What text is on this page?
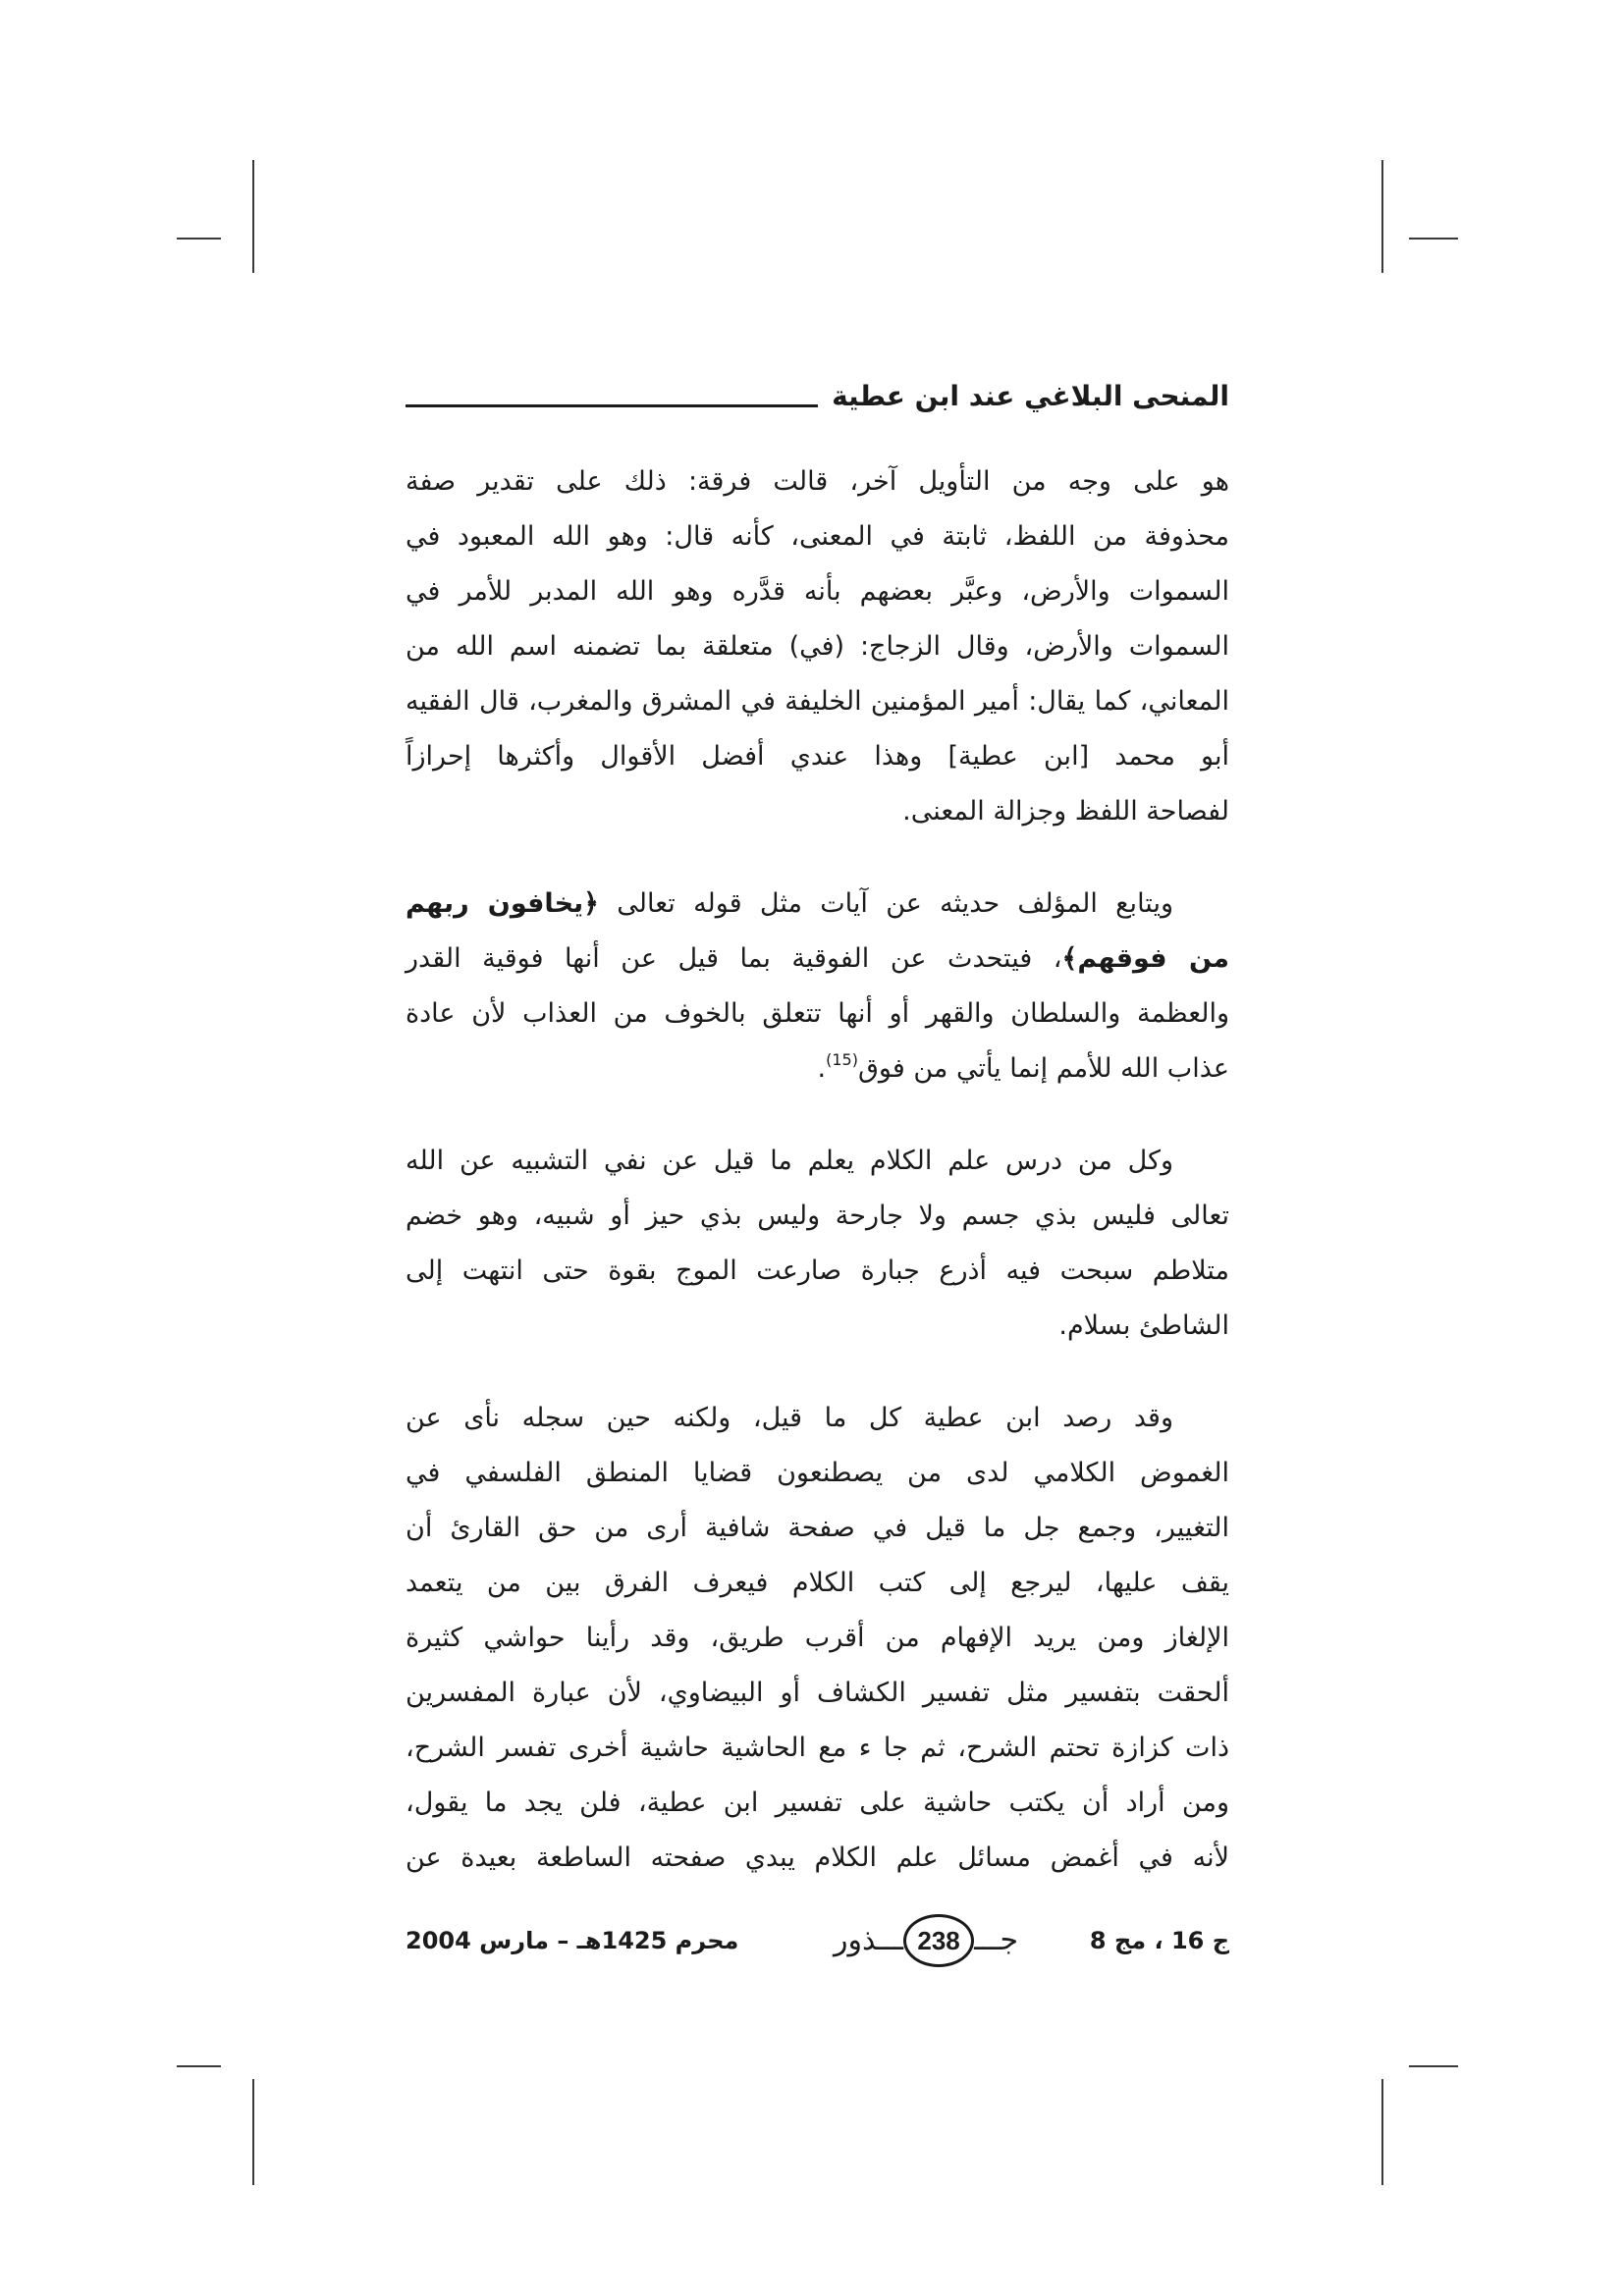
المنحى البلاغي عند ابن عطية
هو على وجه من التأويل آخر، قالت فرقة: ذلك على تقدير صفة
محذوفة من اللفظ، ثابتة في المعنى، كأنه قال: وهو الله المعبود في
السموات والأرض، وعبَّر بعضهم بأنه قدَّره وهو الله المدبر للأمر في
السموات والأرض، وقال الزجاج: (في) متعلقة بما تضمنه اسم الله من
المعاني، كما يقال: أمير المؤمنين الخليفة في المشرق والمغرب، قال الفقيه
أبو محمد [ابن عطية] وهذا عندي أفضل الأقوال وأكثرها إحرازاً
لفصاحة اللفظ وجزالة المعنى.
ويتابع المؤلف حديثه عن آيات مثل قوله تعالى ﴿يخافون ربهم
من فوقهم﴾، فيتحدث عن الفوقية بما قيل عن أنها فوقية القدر
والعظمة والسلطان والقهر أو أنها تتعلق بالخوف من العذاب لأن عادة
عذاب الله للأمم إنما يأتي من فوق$^{(15)}$.
وكل من درس علم الكلام يعلم ما قيل عن نفي التشبيه عن الله
تعالى فليس بذي جسم ولا جارحة وليس بذي حيز أو شبيه، وهو خضم
متلاطم سبحت فيه أذرع جبارة صارعت الموج بقوة حتى انتهت إلى
الشاطئ بسلام.
وقد رصد ابن عطية كل ما قيل، ولكنه حين سجله نأى عن
الغموض الكلامي لدى من يصطنعون قضايا المنطق الفلسفي في
التغيير، وجمع جل ما قيل في صفحة شافية أرى من حق القارئ أن
يقف عليها، ليرجع إلى كتب الكلام فيعرف الفرق بين من يتعمد
الإلغاز ومن يريد الإفهام من أقرب طريق، وقد رأينا حواشي كثيرة
ألحقت بتفسير مثل تفسير الكشاف أو البيضاوي، لأن عبارة المفسرين
ذات كزازة تحتم الشرح، ثم جا ء مع الحاشية حاشية أخرى تفسر الشرح،
ومن أراد أن يكتب حاشية على تفسير ابن عطية، فلن يجد ما يقول،
لأنه في أغمض مسائل علم الكلام يبدي صفحته الساطعة بعيدة عن
ج 16 ، مج 8
جـــ
238
ـــذور
محرم 1425هـ – مارس 2004
